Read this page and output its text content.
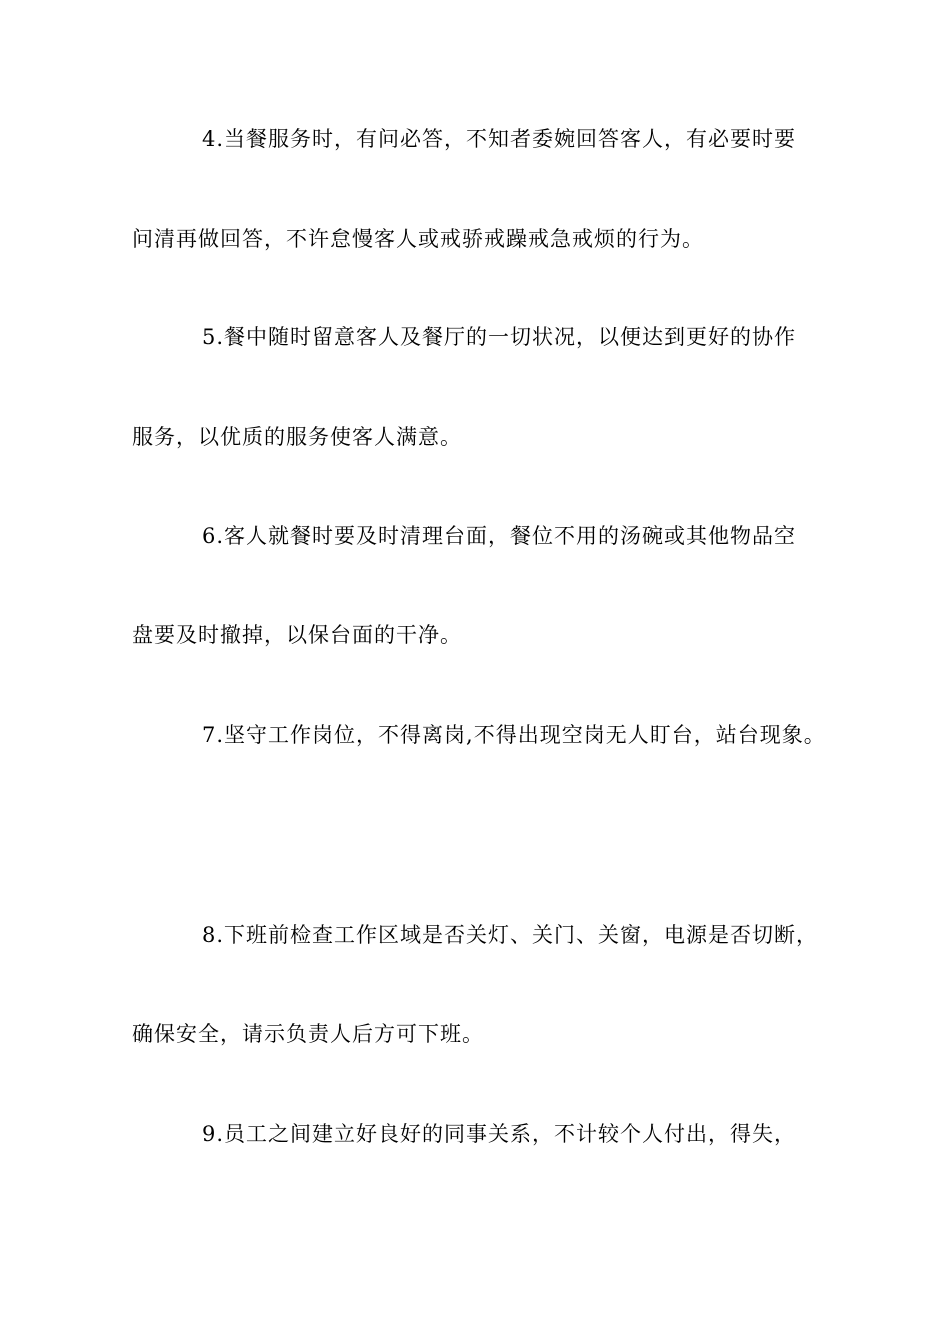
4.当餐服务时，有问必答，不知者委婉回答客人，有必要时要
问清再做回答，不许怠慢客人或戒骄戒躁戒急戒烦的行为。
5.餐中随时留意客人及餐厅的一切状况，以便达到更好的协作
服务，以优质的服务使客人满意。
6.客人就餐时要及时清理台面，餐位不用的汤碗或其他物品空
盘要及时撤掉，以保台面的干净。
7.坚守工作岗位，不得离岗,不得出现空岗无人盯台，站台现象。
8.下班前检查工作区域是否关灯、关门、关窗，电源是否切断，
确保安全，请示负责人后方可下班。
9.员工之间建立好良好的同事关系，不计较个人付出，得失，
